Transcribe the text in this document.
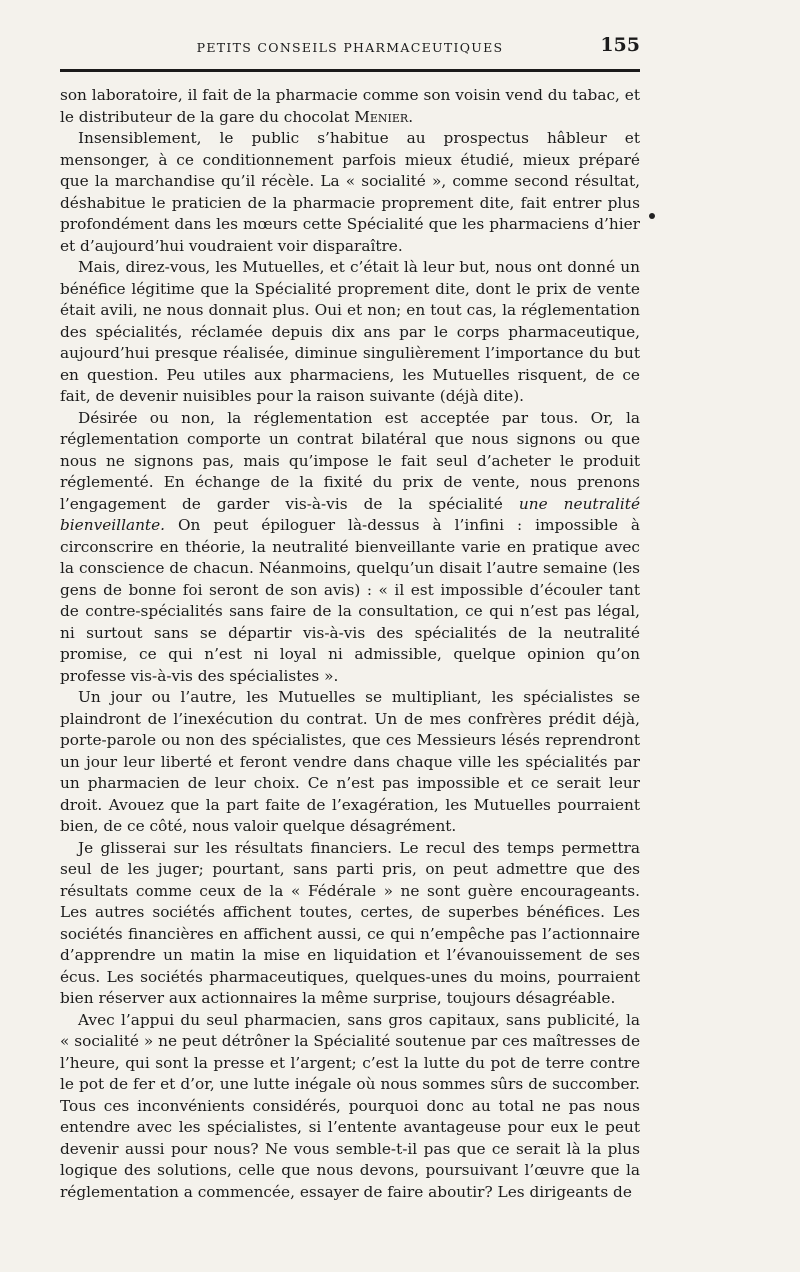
PETITS CONSEILS PHARMACEUTIQUES	155

son laboratoire, il fait de la pharmacie comme son voisin vend du tabac, et le distributeur de la gare du chocolat Menier.

Insensiblement, le public s’habitue au prospectus hâbleur et mensonger, à ce conditionnement parfois mieux étudié, mieux préparé que la marchandise qu’il récèle. La « socialité », comme second résultat, déshabitue le praticien de la pharmacie proprement dite, fait entrer plus profondément dans les mœurs cette Spécialité que les pharmaciens d’hier et d’aujourd’hui voudraient voir disparaître.

Mais, direz-vous, les Mutuelles, et c’était là leur but, nous ont donné un bénéfice légitime que la Spécialité proprement dite, dont le prix de vente était avili, ne nous donnait plus. Oui et non; en tout cas, la réglementation des spécialités, réclamée depuis dix ans par le corps pharmaceutique, aujourd’hui presque réalisée, diminue singulièrement l’importance du but en question. Peu utiles aux pharmaciens, les Mutuelles risquent, de ce fait, de devenir nuisibles pour la raison suivante (déjà dite).

Désirée ou non, la réglementation est acceptée par tous. Or, la réglementation comporte un contrat bilatéral que nous signons ou que nous ne signons pas, mais qu’impose le fait seul d’acheter le produit réglementé. En échange de la fixité du prix de vente, nous prenons l’engagement de garder vis-à-vis de la spécialité une neutralité bienveillante. On peut épiloguer là-dessus à l’infini : impossible à circonscrire en théorie, la neutralité bienveillante varie en pratique avec la conscience de chacun. Néanmoins, quelqu’un disait l’autre semaine (les gens de bonne foi seront de son avis) : « il est impossible d’écouler tant de contre-spécialités sans faire de la consultation, ce qui n’est pas légal, ni surtout sans se départir vis-à-vis des spécialités de la neutralité promise, ce qui n’est ni loyal ni admissible, quelque opinion qu’on professe vis-à-vis des spécialistes ».

Un jour ou l’autre, les Mutuelles se multipliant, les spécialistes se plaindront de l’inexécution du contrat. Un de mes confrères prédit déjà, porte-parole ou non des spécialistes, que ces Messieurs lésés reprendront un jour leur liberté et feront vendre dans chaque ville les spécialités par un pharmacien de leur choix. Ce n’est pas impossible et ce serait leur droit. Avouez que la part faite de l’exagération, les Mutuelles pourraient bien, de ce côté, nous valoir quelque désagrément.

Je glisserai sur les résultats financiers. Le recul des temps permettra seul de les juger; pourtant, sans parti pris, on peut admettre que des résultats comme ceux de la « Fédérale » ne sont guère encourageants. Les autres sociétés affichent toutes, certes, de superbes bénéfices. Les sociétés financières en affichent aussi, ce qui n’empêche pas l’actionnaire d’apprendre un matin la mise en liquidation et l’évanouissement de ses écus. Les sociétés pharmaceutiques, quelques-unes du moins, pourraient bien réserver aux actionnaires la même surprise, toujours désagréable.

Avec l’appui du seul pharmacien, sans gros capitaux, sans publicité, la « socialité » ne peut détrôner la Spécialité soutenue par ces maîtresses de l’heure, qui sont la presse et l’argent; c’est la lutte du pot de terre contre le pot de fer et d’or, une lutte inégale où nous sommes sûrs de succomber. Tous ces inconvénients considérés, pourquoi donc au total ne pas nous entendre avec les spécialistes, si l’entente avantageuse pour eux le peut devenir aussi pour nous? Ne vous semble-t-il pas que ce serait là la plus logique des solutions, celle que nous devons, poursuivant l’œuvre que la réglementation a commencée, essayer de faire aboutir? Les dirigeants de
